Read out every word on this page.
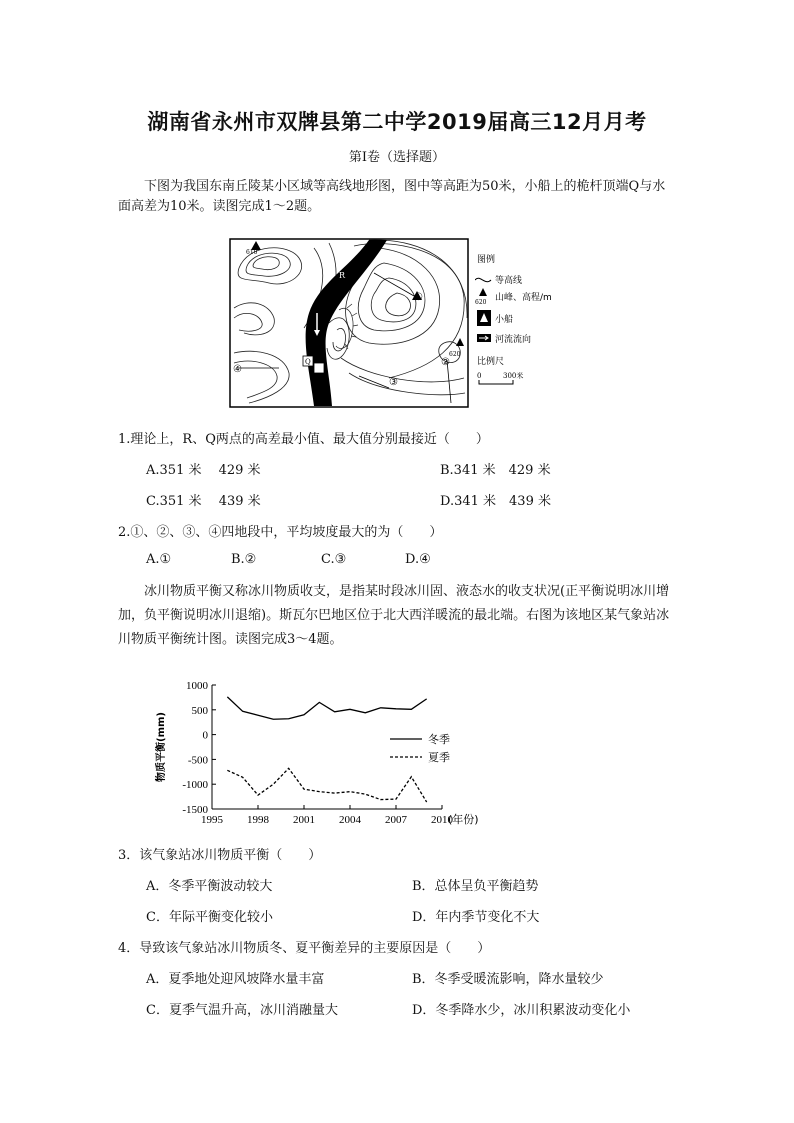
湖南省永州市双牌县第二中学2019届高三12月月考
第I卷（选择题）
下图为我国东南丘陵某小区域等高线地形图，图中等高距为50米，小船上的桅杆顶端Q与水面高差为10米。读图完成1～2题。
610
620
R
Q
①
②
③
④
图例
等高线
620 山峰、高程/m
小船
河流流向
比例尺
0	300米
1.理论上，R、Q两点的高差最小值、最大值分别最接近（　　）
A.351 米　 429 米	B.341 米　429 米
C.351 米　 439 米	D.341 米　439 米
2.①、②、③、④四地段中，平均坡度最大的为（　　）
A.①	B.②	C.③	D.④
冰川物质平衡又称冰川物质收支，是指某时段冰川固、液态水的收支状况(正平衡说明冰川增加，负平衡说明冰川退缩)。斯瓦尔巴地区位于北大西洋暖流的最北端。右图为该地区某气象站冰川物质平衡统计图。读图完成3～4题。
1000
500
0
-500
-1000
-1500
1995 1998 2001 2004 2007 2010
(年份)
物质平衡(mm)	冬季
夏季
3．该气象站冰川物质平衡（　　）
A．冬季平衡波动较大	B．总体呈负平衡趋势
C．年际平衡变化较小	D．年内季节变化不大
4．导致该气象站冰川物质冬、夏平衡差异的主要原因是（　　）
A．夏季地处迎风坡降水量丰富	B．冬季受暖流影响，降水量较少
C．夏季气温升高，冰川消融量大	D．冬季降水少，冰川积累波动变化小
